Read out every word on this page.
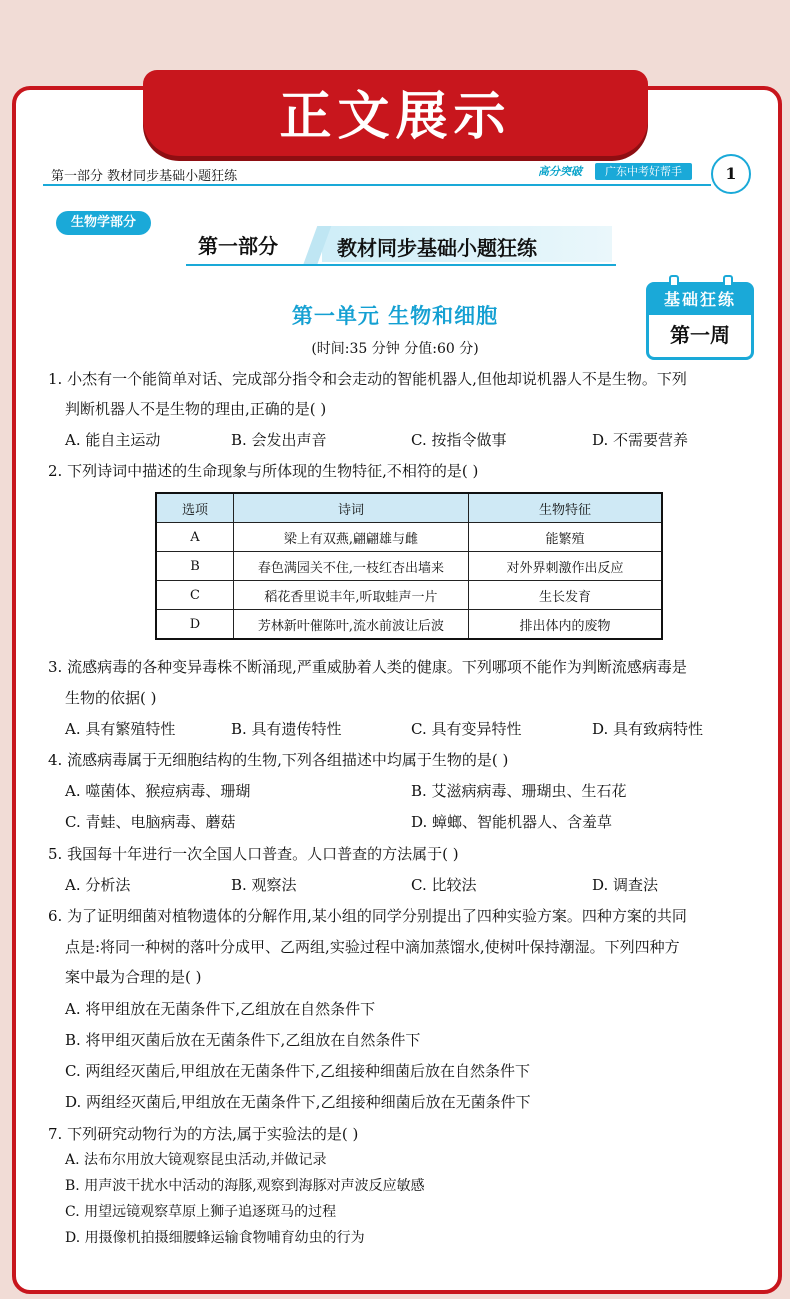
正文展示
第一部分 教材同步基础小题狂练	高分突破	广东中考好帮手	1
生物学部分
第一部分	教材同步基础小题狂练
基础狂练
第一周
第一单元 生物和细胞
(时间:35 分钟 分值:60 分)
1. 小杰有一个能简单对话、完成部分指令和会走动的智能机器人,但他却说机器人不是生物。下列
判断机器人不是生物的理由,正确的是( )
A. 能自主运动	B. 会发出声音	C. 按指令做事	D. 不需要营养
2. 下列诗词中描述的生命现象与所体现的生物特征,不相符的是( )
选项	诗词	生物特征
A	梁上有双燕,翩翩雄与雌	能繁殖
B	春色满园关不住,一枝红杏出墙来	对外界刺激作出反应
C	稻花香里说丰年,听取蛙声一片	生长发育
D	芳林新叶催陈叶,流水前波让后波	排出体内的废物
3. 流感病毒的各种变异毒株不断涌现,严重威胁着人类的健康。下列哪项不能作为判断流感病毒是
生物的依据( )
A. 具有繁殖特性	B. 具有遗传特性	C. 具有变异特性	D. 具有致病特性
4. 流感病毒属于无细胞结构的生物,下列各组描述中均属于生物的是( )
A. 噬菌体、猴痘病毒、珊瑚	B. 艾滋病病毒、珊瑚虫、生石花
C. 青蛙、电脑病毒、蘑菇	D. 蟑螂、智能机器人、含羞草
5. 我国每十年进行一次全国人口普查。人口普查的方法属于( )
A. 分析法	B. 观察法	C. 比较法	D. 调查法
6. 为了证明细菌对植物遗体的分解作用,某小组的同学分别提出了四种实验方案。四种方案的共同
点是:将同一种树的落叶分成甲、乙两组,实验过程中滴加蒸馏水,使树叶保持潮湿。下列四种方
案中最为合理的是( )
A. 将甲组放在无菌条件下,乙组放在自然条件下
B. 将甲组灭菌后放在无菌条件下,乙组放在自然条件下
C. 两组经灭菌后,甲组放在无菌条件下,乙组接种细菌后放在自然条件下
D. 两组经灭菌后,甲组放在无菌条件下,乙组接种细菌后放在无菌条件下
7. 下列研究动物行为的方法,属于实验法的是( )
A. 法布尔用放大镜观察昆虫活动,并做记录
B. 用声波干扰水中活动的海豚,观察到海豚对声波反应敏感
C. 用望远镜观察草原上狮子追逐斑马的过程
D. 用摄像机拍摄细腰蜂运输食物哺育幼虫的行为
